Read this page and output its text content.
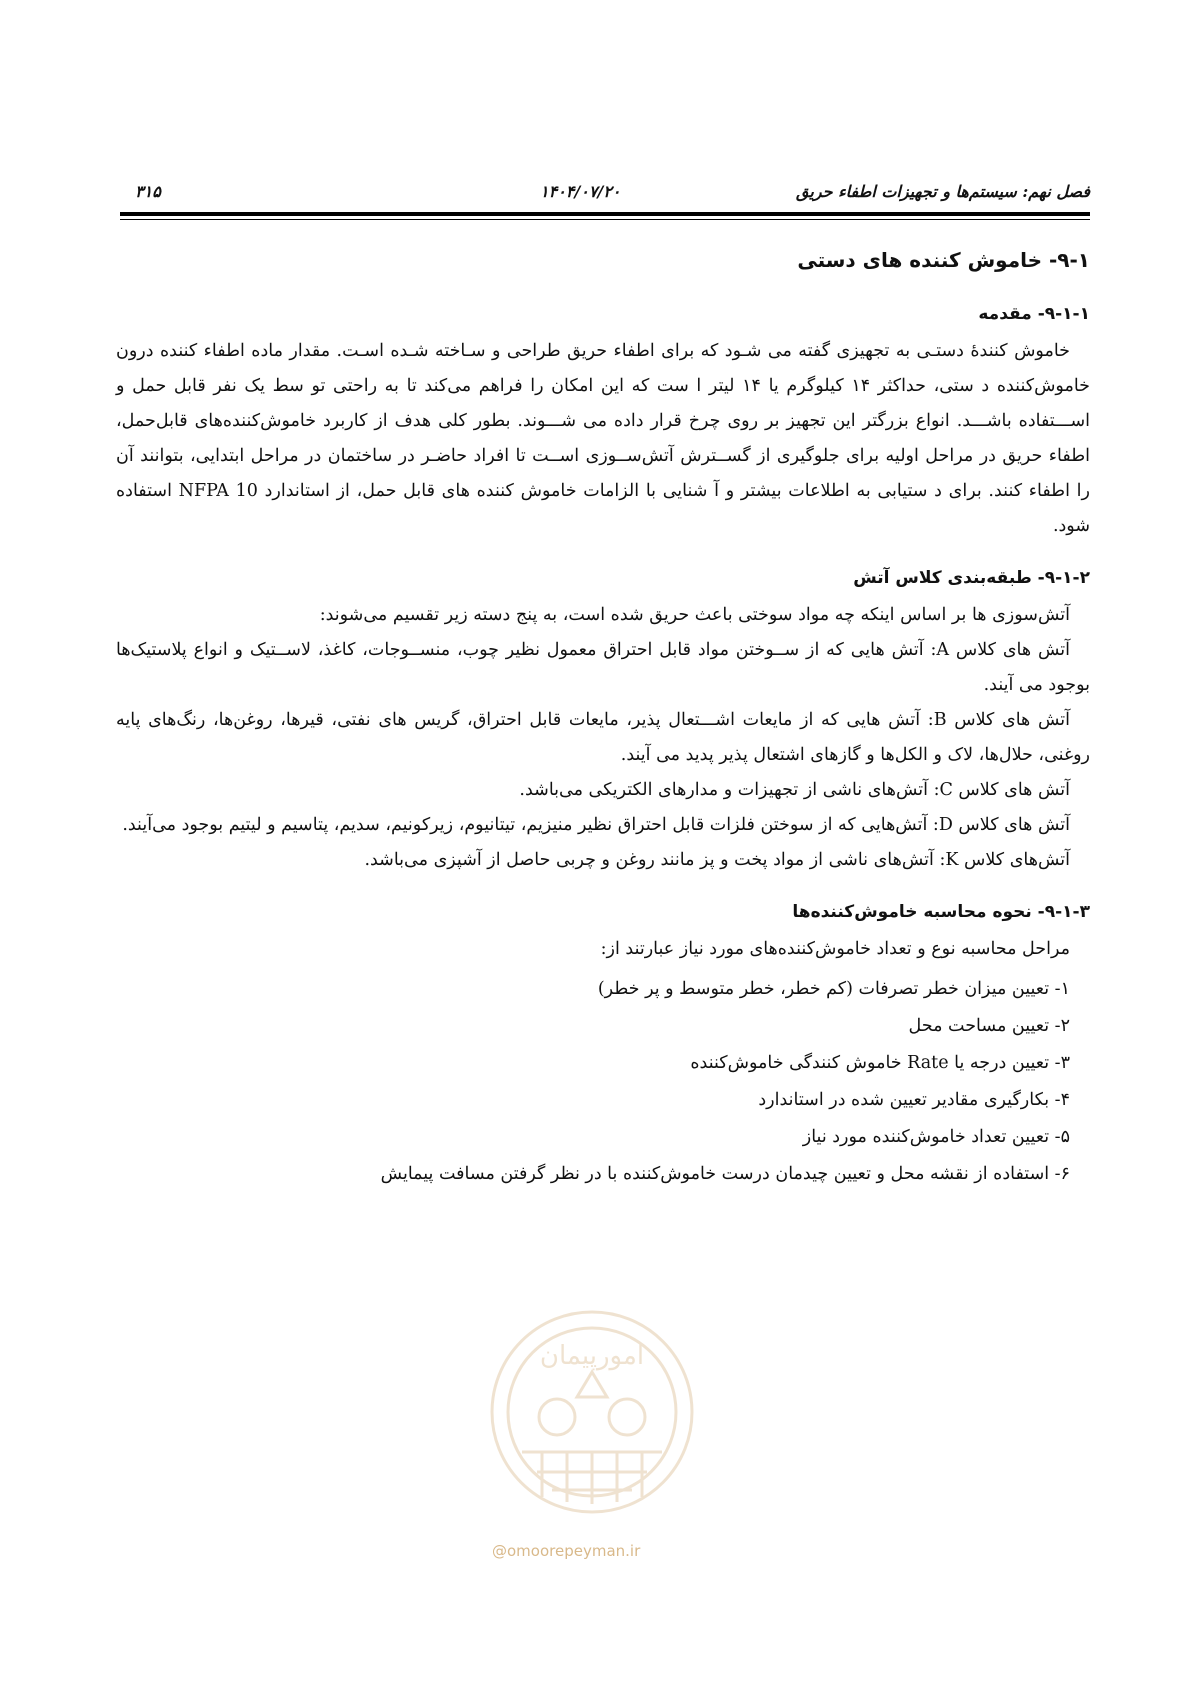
فصل نهم: سیستم‌ها و تجهیزات اطفاء حریق
۱۴۰۴/۰۷/۲۰
۳۱۵
۹-۱- خاموش کننده های دستی
۹-۱-۱- مقدمه

خاموش کنندهٔ دستـی به تجهیزی گفته می شـود که برای اطفاء حریق طراحی و سـاخته شـده اسـت. مقدار ماده اطفاء کننده درون خاموش‌کننده د ستی، حداکثر ۱۴ کیلوگرم یا ۱۴ لیتر ا ست که این امکان را فراهم می‌کند تا به راحتی تو سط یک نفر قابل حمل و اســـتفاده باشـــد. انواع بزرگتر این تجهیز بر روی چرخ قرار داده می شـــوند. بطور کلی هدف از کاربرد خاموش‌کننده‌های قابل‌حمل، اطفاء حریق در مراحل اولیه برای جلوگیری از گســترش آتش‌ســوزی اســت تا افراد حاضـر در ساختمان در مراحل ابتدایی، بتوانند آن را اطفاء کنند. برای د ستیابی به اطلاعات بیشتر و آ شنایی با الزامات خاموش کننده های قابل حمل، از استاندارد NFPA 10 استفاده شود.

۹-۱-۲- طبقه‌بندی کلاس آتش

آتش‌سوزی ها بر اساس اینکه چه مواد سوختی باعث حریق شده است، به پنج دسته زیر تقسیم می‌شوند:

آتش های کلاس A: آتش هایی که از ســوختن مواد قابل احتراق معمول نظیر چوب، منســوجات، کاغذ، لاســتیک و انواع پلاستیک‌ها بوجود می آیند.

آتش های کلاس B: آتش هایی که از مایعات اشـــتعال پذیر، مایعات قابل احتراق، گریس های نفتی، قیرها، روغن‌ها، رنگ‌های پایه روغنی، حلال‌ها، لاک و الکل‌ها و گازهای اشتعال پذیر پدید می آیند.

آتش های کلاس C: آتش‌های ناشی از تجهیزات و مدارهای الکتریکی می‌باشد.

آتش های کلاس D: آتش‌هایی که از سوختن فلزات قابل احتراق نظیر منیزیم، تیتانیوم، زیرکونیم، سدیم، پتاسیم و لیتیم بوجود می‌آیند.

آتش‌های کلاس K: آتش‌های ناشی از مواد پخت و پز مانند روغن و چربی حاصل از آشپزی می‌باشد.

۹-۱-۳- نحوه محاسبه خاموش‌کننده‌ها

مراحل محاسبه نوع و تعداد خاموش‌کننده‌های مورد نیاز عبارتند از:

۱- تعیین میزان خطر تصرفات (کم خطر، خطر متوسط و پر خطر)
۲- تعیین مساحت محل
۳- تعیین درجه یا Rate خاموش کنندگی خاموش‌کننده
۴- بکارگیری مقادیر تعیین شده در استاندارد
۵- تعیین تعداد خاموش‌کننده مورد نیاز
۶- استفاده از نقشه محل و تعیین چیدمان درست خاموش‌کننده با در نظر گرفتن مسافت پیمایش
امورپیمان
@omoorepeyman.ir
